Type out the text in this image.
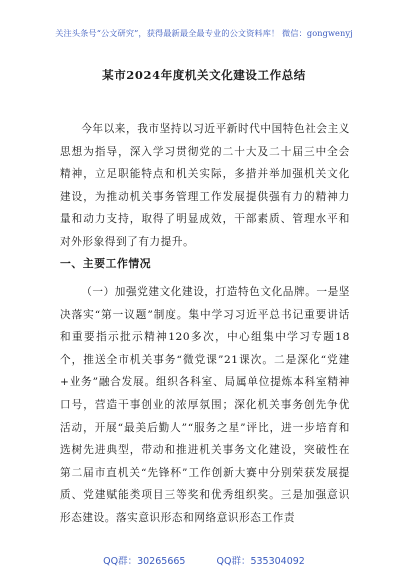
关注头条号“公文研究”，获得最新最全最专业的公文资料库！ 微信：gongwenyj
某市2024年度机关文化建设工作总结
今年以来，我市坚持以习近平新时代中国特色社会主义思想为指导，深入学习贯彻党的二十大及二十届三中全会精神，立足职能特点和机关实际，多措并举加强机关文化建设，为推动机关事务管理工作发展提供强有力的精神力量和动力支持，取得了明显成效，干部素质、管理水平和对外形象得到了有力提升。
一、主要工作情况
（一）加强党建文化建设，打造特色文化品牌。一是坚决落实“第一议题”制度。集中学习习近平总书记重要讲话和重要指示批示精神120多次，中心组集中学习专题18个，推送全市机关事务“微党课”21课次。二是深化“党建+业务”融合发展。组织各科室、局属单位提炼本科室精神口号，营造干事创业的浓厚氛围；深化机关事务创先争优活动，开展“最美后勤人”“服务之星”评比，进一步培育和选树先进典型，带动和推进机关事务文化建设，突破性在第二届市直机关“先锋杯”工作创新大赛中分别荣获发展提质、党建赋能类项目三等奖和优秀组织奖。三是加强意识形态建设。落实意识形态和网络意识形态工作责
QQ群：30265665	QQ群：535304092
